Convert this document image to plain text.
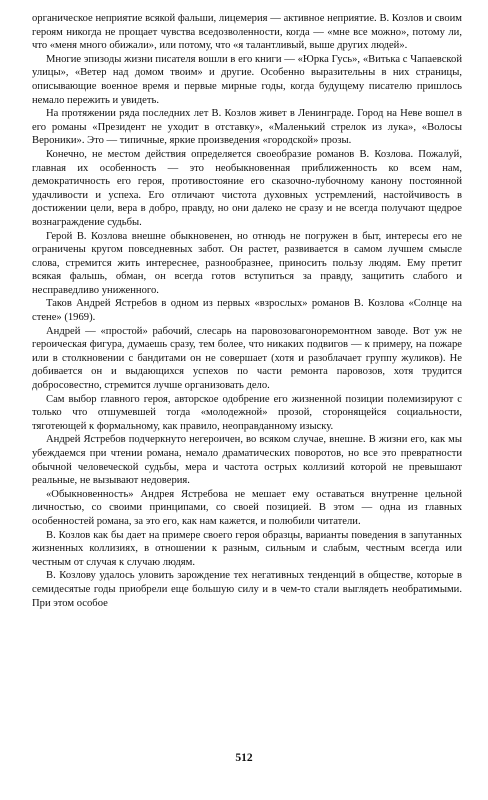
органическое неприятие всякой фальши, лицемерия — активное неприятие. В. Козлов и своим героям никогда не прощает чувства вседозволенности, когда — «мне все можно», потому ли, что «меня много обижали», или потому, что «я талантливый, выше других людей».

Многие эпизоды жизни писателя вошли в его книги — «Юрка Гусь», «Витька с Чапаевской улицы», «Ветер над домом твоим» и другие. Особенно выразительны в них страницы, описывающие военное время и первые мирные годы, когда будущему писателю пришлось немало пережить и увидеть.

На протяжении ряда последних лет В. Козлов живет в Ленинграде. Город на Неве вошел в его романы «Президент не уходит в отставку», «Маленький стрелок из лука», «Волосы Вероники». Это — типичные, яркие произведения «городской» прозы.

Конечно, не местом действия определяется своеобразие романов В. Козлова. Пожалуй, главная их особенность — это необыкновенная приближенность ко всем нам, демократичность его героя, противостояние его сказочно-лубочному канону постоянной удачливости и успеха. Его отличают чистота духовных устремлений, настойчивость в достижении цели, вера в добро, правду, но они далеко не сразу и не всегда получают щедрое вознаграждение судьбы.

Герой В. Козлова внешне обыкновенен, но отнюдь не погружен в быт, интересы его не ограничены кругом повседневных забот. Он растет, развивается в самом лучшем смысле слова, стремится жить интереснее, разнообразнее, приносить пользу людям. Ему претит всякая фальшь, обман, он всегда готов вступиться за правду, защитить слабого и несправедливо униженного.

Таков Андрей Ястребов в одном из первых «взрослых» романов В. Козлова «Солнце на стене» (1969).

Андрей — «простой» рабочий, слесарь на паровозовагоноремонтном заводе. Вот уж не героическая фигура, думаешь сразу, тем более, что никаких подвигов — к примеру, на пожаре или в столкновении с бандитами он не совершает (хотя и разоблачает группу жуликов). Не добивается он и выдающихся успехов по части ремонта паровозов, хотя трудится добросовестно, стремится лучше организовать дело.

Сам выбор главного героя, авторское одобрение его жизненной позиции полемизируют с только что отшумевшей тогда «молодежной» прозой, сторонящейся социальности, тяготеющей к формальному, как правило, неоправданному изыску.

Андрей Ястребов подчеркнуто негероичен, во всяком случае, внешне. В жизни его, как мы убеждаемся при чтении романа, немало драматических поворотов, но все это превратности обычной человеческой судьбы, мера и частота острых коллизий которой не превышают реальные, не вызывают недоверия.

«Обыкновенность» Андрея Ястребова не мешает ему оставаться внутренне цельной личностью, со своими принципами, со своей позицией. В этом — одна из главных особенностей романа, за это его, как нам кажется, и полюбили читатели.

В. Козлов как бы дает на примере своего героя образцы, варианты поведения в запутанных жизненных коллизиях, в отношении к разным, сильным и слабым, честным всегда или честным от случая к случаю людям.

В. Козлову удалось уловить зарождение тех негативных тенденций в обществе, которые в семидесятые годы приобрели еще большую силу и в чем-то стали выглядеть необратимыми. При этом особое

512
